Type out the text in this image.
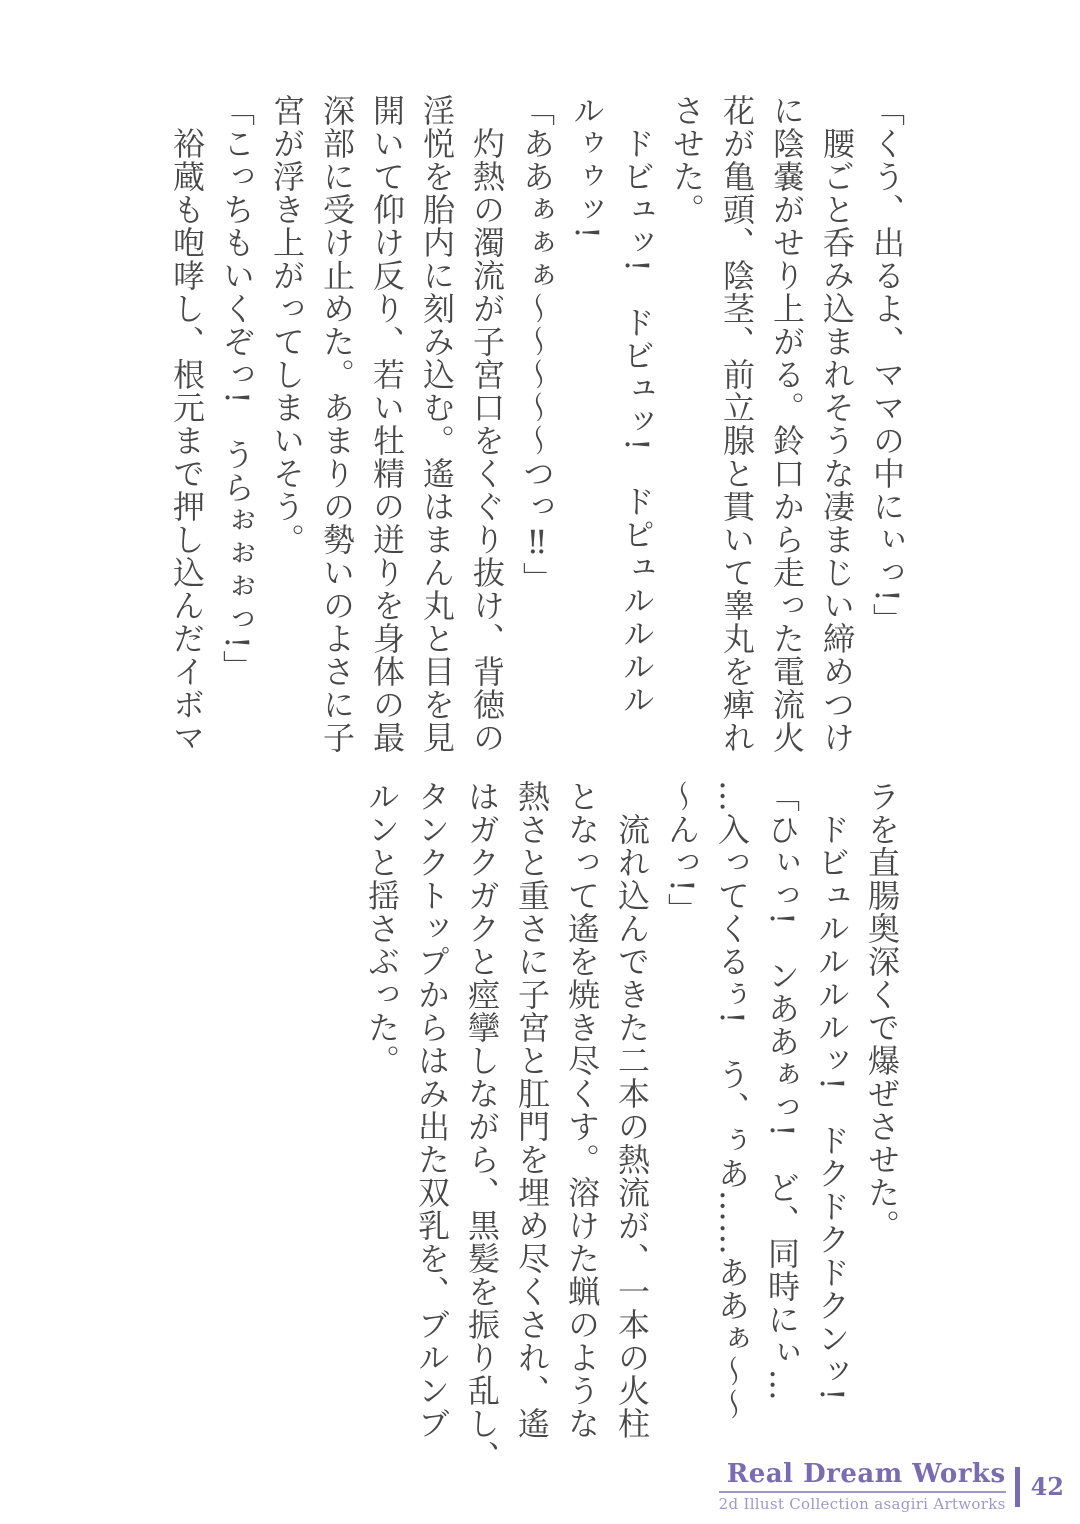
「くう、出るよ、ママの中にぃっ!」
腰ごと呑み込まれそうな凄まじい締めつけ
に陰嚢がせり上がる。鈴口から走った電流火
花が亀頭、陰茎、前立腺と貫いて睾丸を痺れ
させた。
ドビュッ!　ドビュッ!　ドピュルルルル
ルゥゥッ!
「ああぁぁぁ〜〜〜〜〜つっ‼」
灼熱の濁流が子宮口をくぐり抜け、背徳の
淫悦を胎内に刻み込む。遙はまん丸と目を見
開いて仰け反り、若い牡精の迸りを身体の最
深部に受け止めた。あまりの勢いのよさに子
宮が浮き上がってしまいそう。
「こっちもいくぞっ!　うらぉぉぉっ!」
裕蔵も咆哮し、根元まで押し込んだイボマ
ラを直腸奥深くで爆ぜさせた。
ドビュルルルルッ!　ドクドクドクンッ!
「ひぃっ!　ンああぁっ!　ど、同時にぃ…
…入ってくるぅ!　う、ぅあ……ああぁ〜〜
〜んっ!」
流れ込んできた二本の熱流が、一本の火柱
となって遙を焼き尽くす。溶けた蝋のような
熱さと重さに子宮と肛門を埋め尽くされ、遙
はガクガクと痙攣しながら、黒髪を振り乱し、
タンクトップからはみ出た双乳を、ブルンブ
ルンと揺さぶった。
Real Dream Works
2d Illust Collection asagiri Artworks
42
